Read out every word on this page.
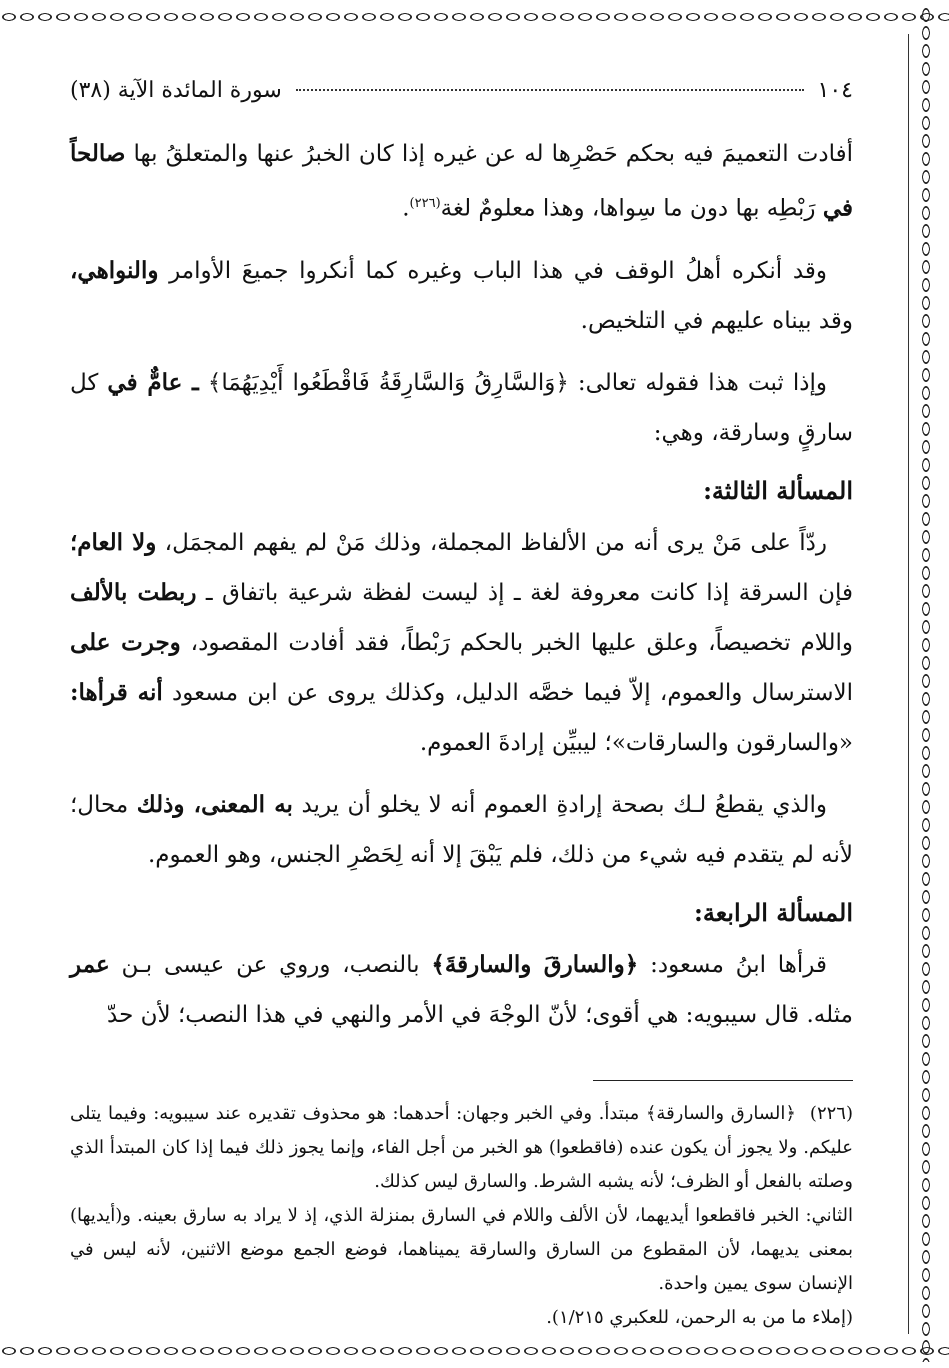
١٠٤
سورة المائدة الآية (٣٨)

أفادت التعميمَ فيه بحكم حَصْرِها له عن غيره إذا كان الخبرُ عنها والمتعلقُ بها صالحاً في رَبْطِه بها دون ما سِواها، وهذا معلومٌ لغة$^{(٢٢٦)}$.

وقد أنكره أهلُ الوقف في هذا الباب وغيره كما أنكروا جميعَ الأوامر والنواهي، وقد بيناه عليهم في التلخيص.

وإذا ثبت هذا فقوله تعالى: ﴿وَالسَّارِقُ وَالسَّارِقَةُ فَاقْطَعُوا أَيْدِيَهُمَا﴾ ـ عامٌّ في كل سارقٍ وسارقة، وهي:

المسألة الثالثة:

ردّاً على مَنْ يرى أنه من الألفاظ المجملة، وذلك مَنْ لم يفهم المجمَل، ولا العام؛ فإن السرقة إذا كانت معروفة لغة ـ إذ ليست لفظة شرعية باتفاق ـ ربطت بالألف واللام تخصيصاً، وعلق عليها الخبر بالحكم رَبْطاً، فقد أفادت المقصود، وجرت على الاسترسال والعموم، إلاّ فيما خصَّه الدليل، وكذلك يروى عن ابن مسعود أنه قرأها: «والسارقون والسارقات»؛ ليبيِّن إرادةَ العموم.

والذي يقطعُ لـك بصحة إرادةِ العموم أنه لا يخلو أن يريد به المعنى، وذلك محال؛ لأنه لم يتقدم فيه شيء من ذلك، فلم يَبْقَ إلا أنه لِحَصْرِ الجنس، وهو العموم.

المسألة الرابعة:

قرأها ابنُ مسعود: ﴿والسارقَ والسارقةَ﴾ بالنصب، وروي عن عيسى بـن عمر مثله. قال سيبويه: هي أقوى؛ لأنّ الوجْهَ في الأمر والنهي في هذا النصب؛ لأن حدّ

(٢٢٦)﴿السارق والسارقة﴾ مبتدأ. وفي الخبر وجهان: أحدهما: هو محذوف تقديره عند سيبويه: وفيما يتلى عليكم. ولا يجوز أن يكون عنده (فاقطعوا) هو الخبر من أجل الفاء، وإنما يجوز ذلك فيما إذا كان المبتدأ الذي وصلته بالفعل أو الظرف؛ لأنه يشبه الشرط. والسارق ليس كذلك.

الثاني: الخبر فاقطعوا أيديهما، لأن الألف واللام في السارق بمنزلة الذي، إذ لا يراد به سارق بعينه. و(أيديها) بمعنى يديهما، لأن المقطوع من السارق والسارقة يميناهما، فوضع الجمع موضع الاثنين، لأنه ليس في الإنسان سوى يمين واحدة.

(إملاء ما من به الرحمن، للعكبري ١/٢١٥).
